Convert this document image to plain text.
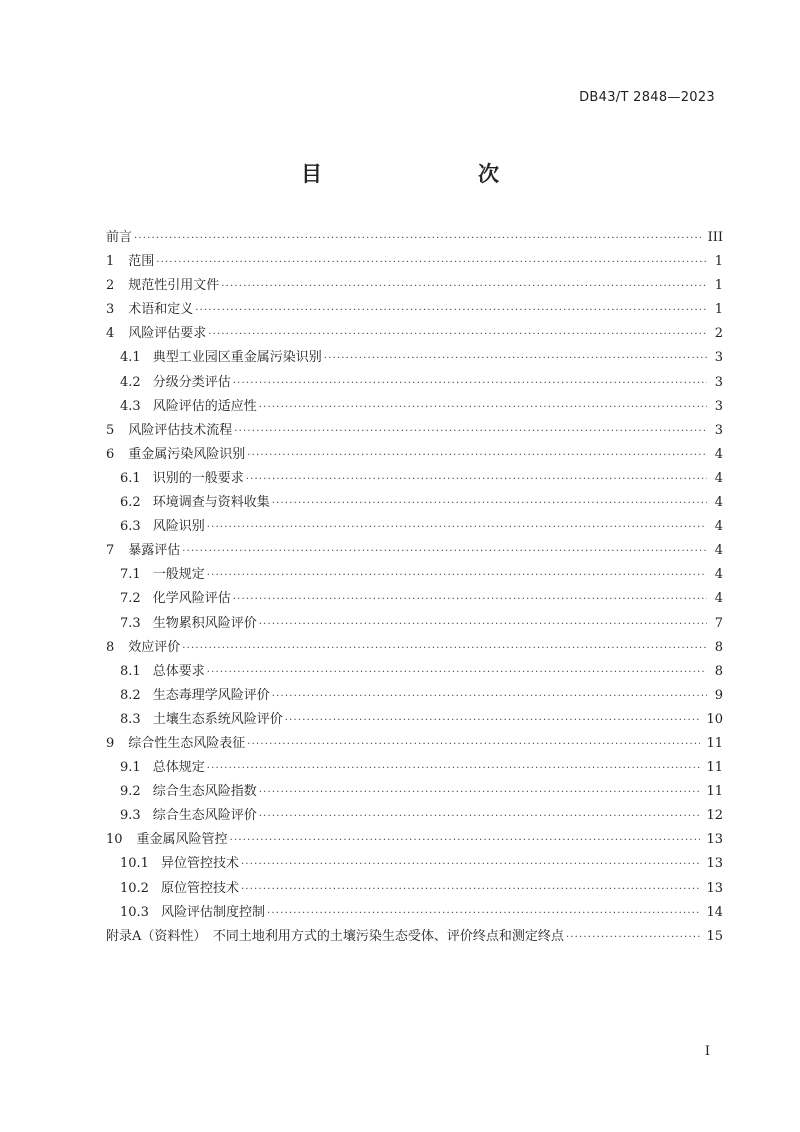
DB43/T 2848—2023
目　　次
前言 ·····	III
1 范围 ·····	1
2 规范性引用文件 ·····	1
3 术语和定义 ·····	1
4 风险评估要求 ·····	2
4.1 典型工业园区重金属污染识别 ·····	3
4.2 分级分类评估 ·····	3
4.3 风险评估的适应性 ·····	3
5 风险评估技术流程 ·····	3
6 重金属污染风险识别 ·····	4
6.1 识别的一般要求 ·····	4
6.2 环境调查与资料收集 ·····	4
6.3 风险识别 ·····	4
7 暴露评估 ·····	4
7.1 一般规定 ·····	4
7.2 化学风险评估 ·····	4
7.3 生物累积风险评价 ·····	7
8 效应评价 ·····	8
8.1 总体要求 ·····	8
8.2 生态毒理学风险评价 ·····	9
8.3 土壤生态系统风险评价 ·····	10
9 综合性生态风险表征 ·····	11
9.1 总体规定 ·····	11
9.2 综合生态风险指数 ·····	11
9.3 综合生态风险评价 ·····	12
10 重金属风险管控 ·····	13
10.1 异位管控技术 ·····	13
10.2 原位管控技术 ·····	13
10.3 风险评估制度控制 ·····	14
附录A（资料性）　不同土地利用方式的土壤污染生态受体、评价终点和测定终点 ·····	15
I
